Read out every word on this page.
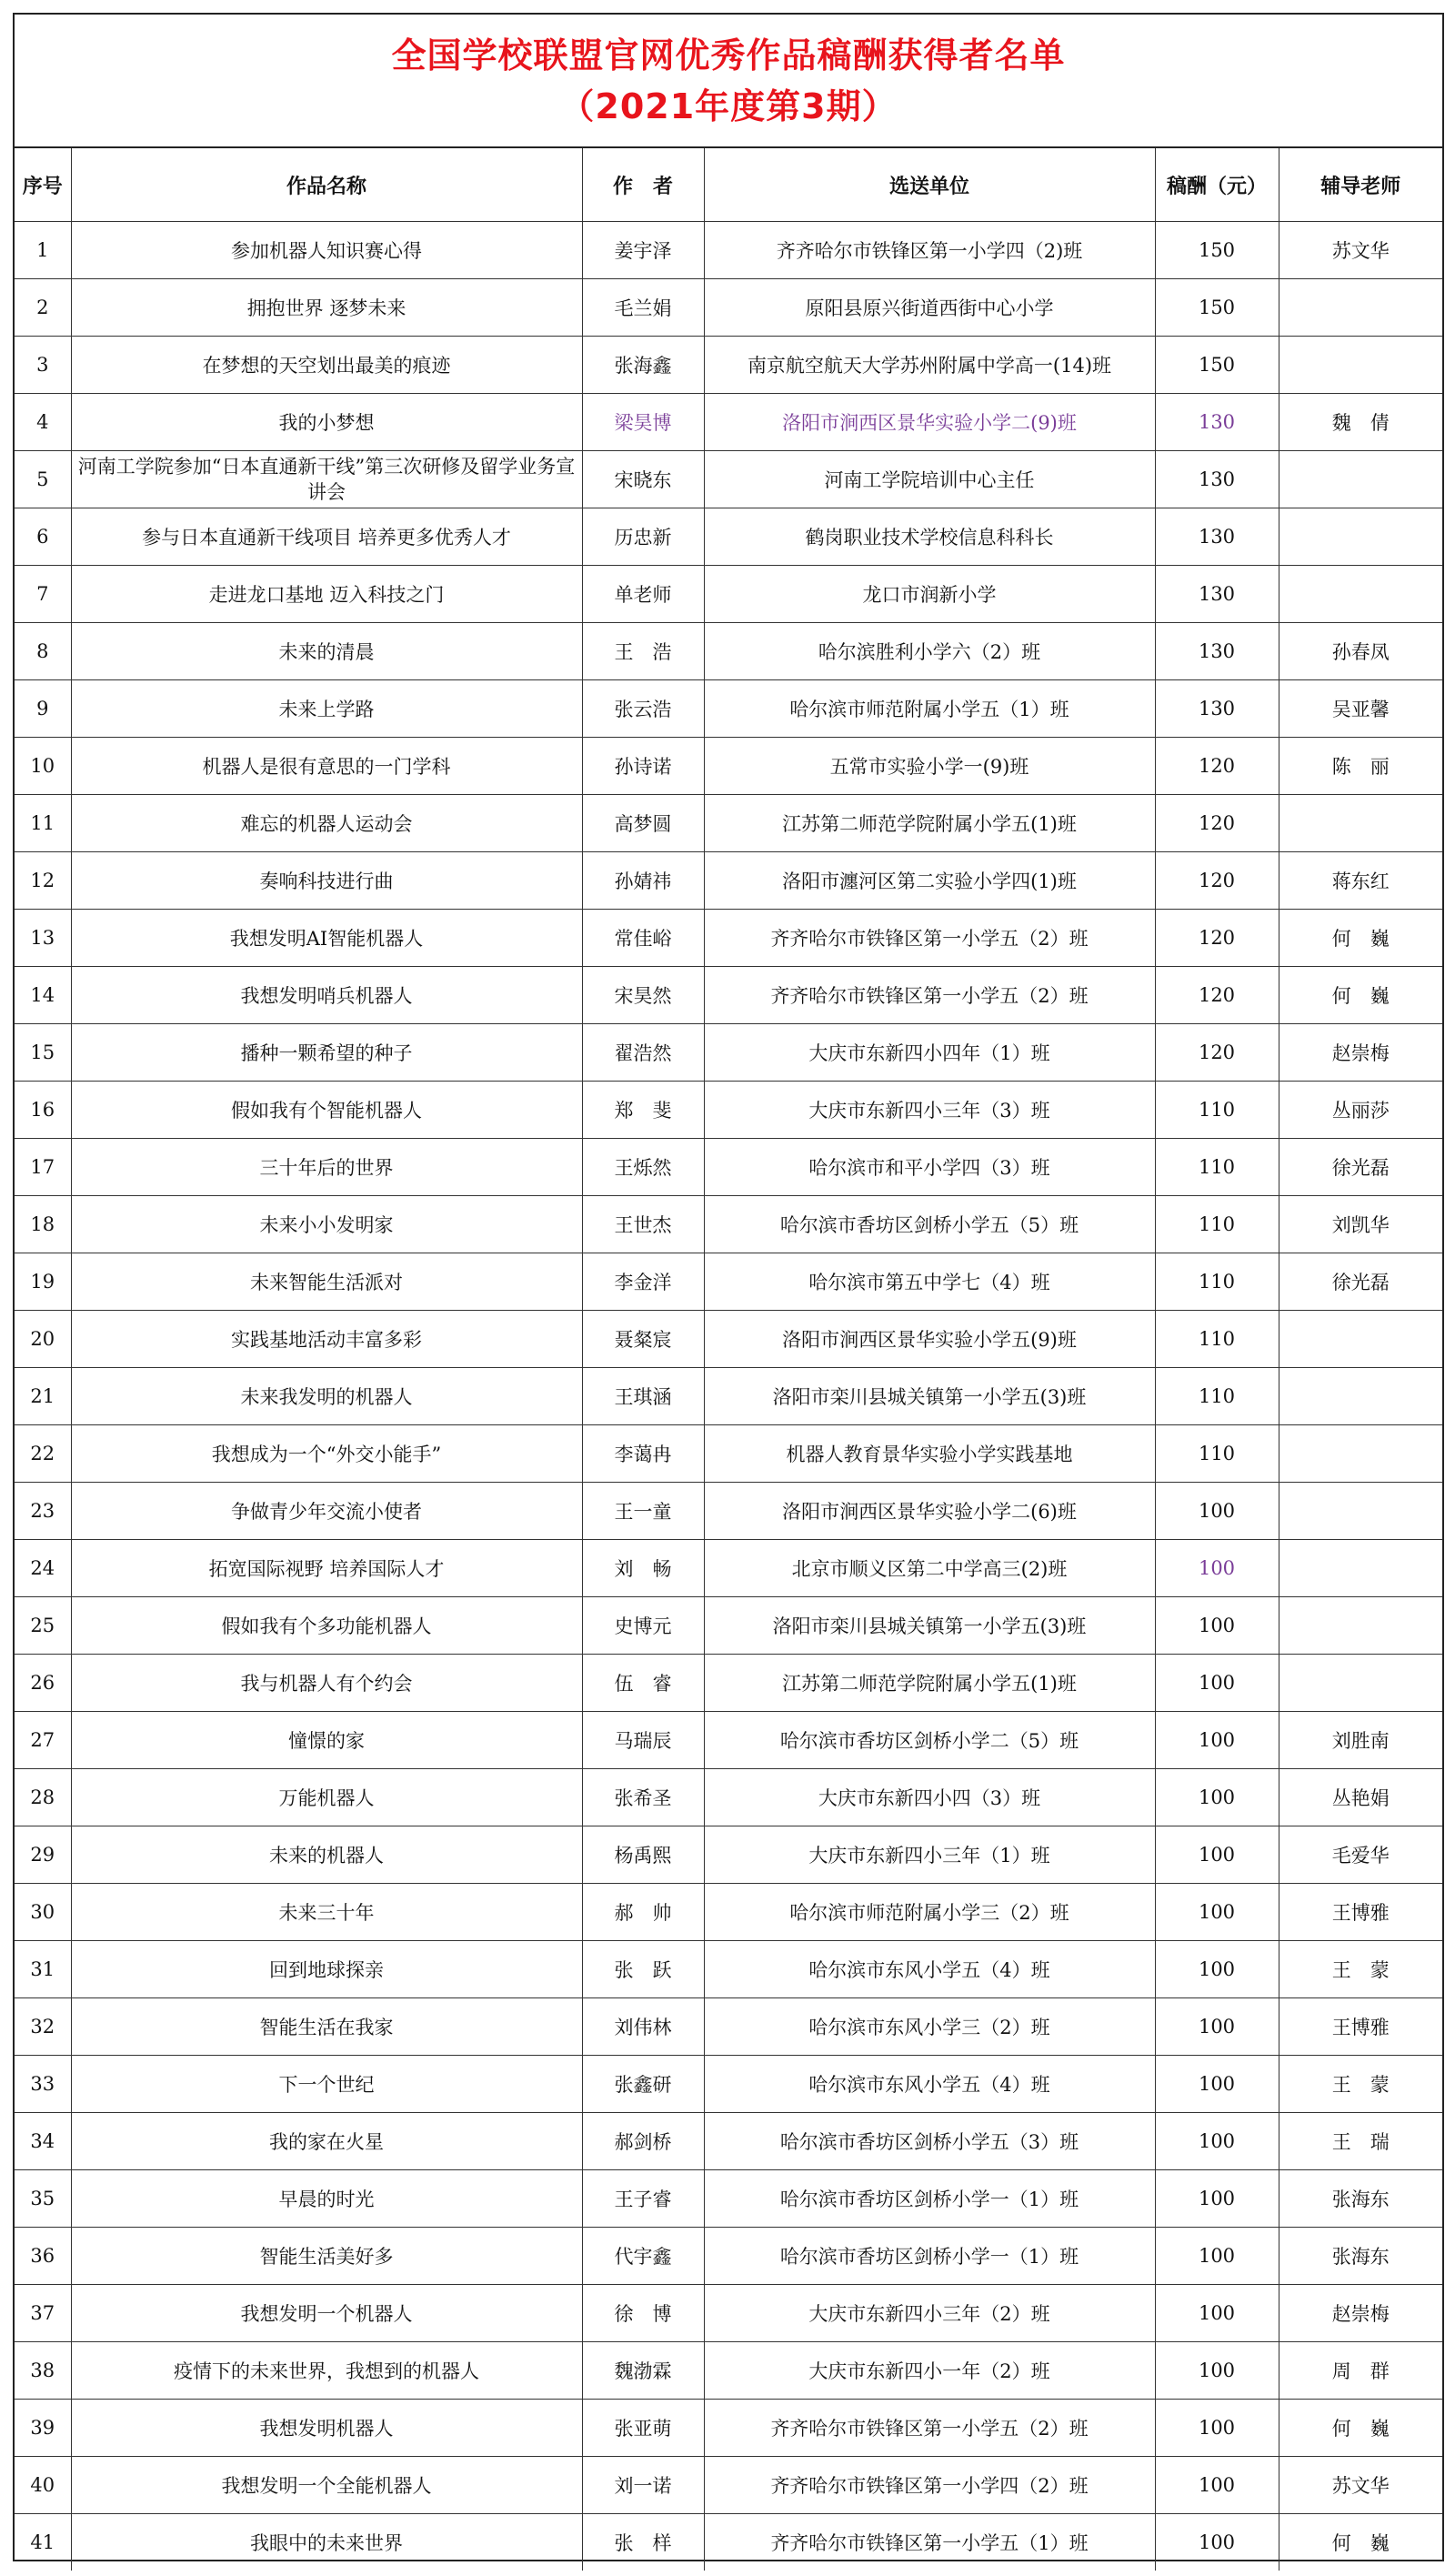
全国学校联盟官网优秀作品稿酬获得者名单
（2021年度第3期）
序号	作品名称	作　者	选送单位	稿酬（元）	辅导老师
1	参加机器人知识赛心得	姜宇泽	齐齐哈尔市铁锋区第一小学四（2)班	150	苏文华
2	拥抱世界 逐梦未来	毛兰娟	原阳县原兴街道西街中心小学	150	
3	在梦想的天空划出最美的痕迹	张海鑫	南京航空航天大学苏州附属中学高一(14)班	150	
4	我的小梦想	梁昊博	洛阳市涧西区景华实验小学二(9)班	130	魏　倩
5	河南工学院参加“日本直通新干线”第三次研修及留学业务宣讲会	宋晓东	河南工学院培训中心主任	130	
6	参与日本直通新干线项目 培养更多优秀人才	历忠新	鹤岗职业技术学校信息科科长	130	
7	走进龙口基地 迈入科技之门	单老师	龙口市润新小学	130	
8	未来的清晨	王　浩	哈尔滨胜利小学六（2）班	130	孙春凤
9	未来上学路	张云浩	哈尔滨市师范附属小学五（1）班	130	吴亚馨
10	机器人是很有意思的一门学科	孙诗诺	五常市实验小学一(9)班	120	陈　丽
11	难忘的机器人运动会	高梦圆	江苏第二师范学院附属小学五(1)班	120	
12	奏响科技进行曲	孙婧祎	洛阳市瀍河区第二实验小学四(1)班	120	蒋东红
13	我想发明AI智能机器人	常佳峪	齐齐哈尔市铁锋区第一小学五（2）班	120	何　巍
14	我想发明哨兵机器人	宋昊然	齐齐哈尔市铁锋区第一小学五（2）班	120	何　巍
15	播种一颗希望的种子	翟浩然	大庆市东新四小四年（1）班	120	赵崇梅
16	假如我有个智能机器人	郑　斐	大庆市东新四小三年（3）班	110	丛丽莎
17	三十年后的世界	王烁然	哈尔滨市和平小学四（3）班	110	徐光磊
18	未来小小发明家	王世杰	哈尔滨市香坊区剑桥小学五（5）班	110	刘凯华
19	未来智能生活派对	李金洋	哈尔滨市第五中学七（4）班	110	徐光磊
20	实践基地活动丰富多彩	聂粲宸	洛阳市涧西区景华实验小学五(9)班	110	
21	未来我发明的机器人	王琪涵	洛阳市栾川县城关镇第一小学五(3)班	110	
22	我想成为一个“外交小能手”	李蔼冉	机器人教育景华实验小学实践基地	110	
23	争做青少年交流小使者	王一童	洛阳市涧西区景华实验小学二(6)班	100	
24	拓宽国际视野 培养国际人才	刘　畅	北京市顺义区第二中学高三(2)班	100	
25	假如我有个多功能机器人	史博元	洛阳市栾川县城关镇第一小学五(3)班	100	
26	我与机器人有个约会	伍　睿	江苏第二师范学院附属小学五(1)班	100	
27	憧憬的家	马瑞辰	哈尔滨市香坊区剑桥小学二（5）班	100	刘胜南
28	万能机器人	张希圣	大庆市东新四小四（3）班	100	丛艳娟
29	未来的机器人	杨禹熙	大庆市东新四小三年（1）班	100	毛爱华
30	未来三十年	郝　帅	哈尔滨市师范附属小学三（2）班	100	王博雅
31	回到地球探亲	张　跃	哈尔滨市东风小学五（4）班	100	王　蒙
32	智能生活在我家	刘伟林	哈尔滨市东风小学三（2）班	100	王博雅
33	下一个世纪	张鑫研	哈尔滨市东风小学五（4）班	100	王　蒙
34	我的家在火星	郝剑桥	哈尔滨市香坊区剑桥小学五（3）班	100	王　瑞
35	早晨的时光	王子睿	哈尔滨市香坊区剑桥小学一（1）班	100	张海东
36	智能生活美好多	代宇鑫	哈尔滨市香坊区剑桥小学一（1）班	100	张海东
37	我想发明一个机器人	徐　博	大庆市东新四小三年（2）班	100	赵崇梅
38	疫情下的未来世界，我想到的机器人	魏渤霖	大庆市东新四小一年（2）班	100	周　群
39	我想发明机器人	张亚萌	齐齐哈尔市铁锋区第一小学五（2）班	100	何　巍
40	我想发明一个全能机器人	刘一诺	齐齐哈尔市铁锋区第一小学四（2）班	100	苏文华
41	我眼中的未来世界	张　样	齐齐哈尔市铁锋区第一小学五（1）班	100	何　巍
